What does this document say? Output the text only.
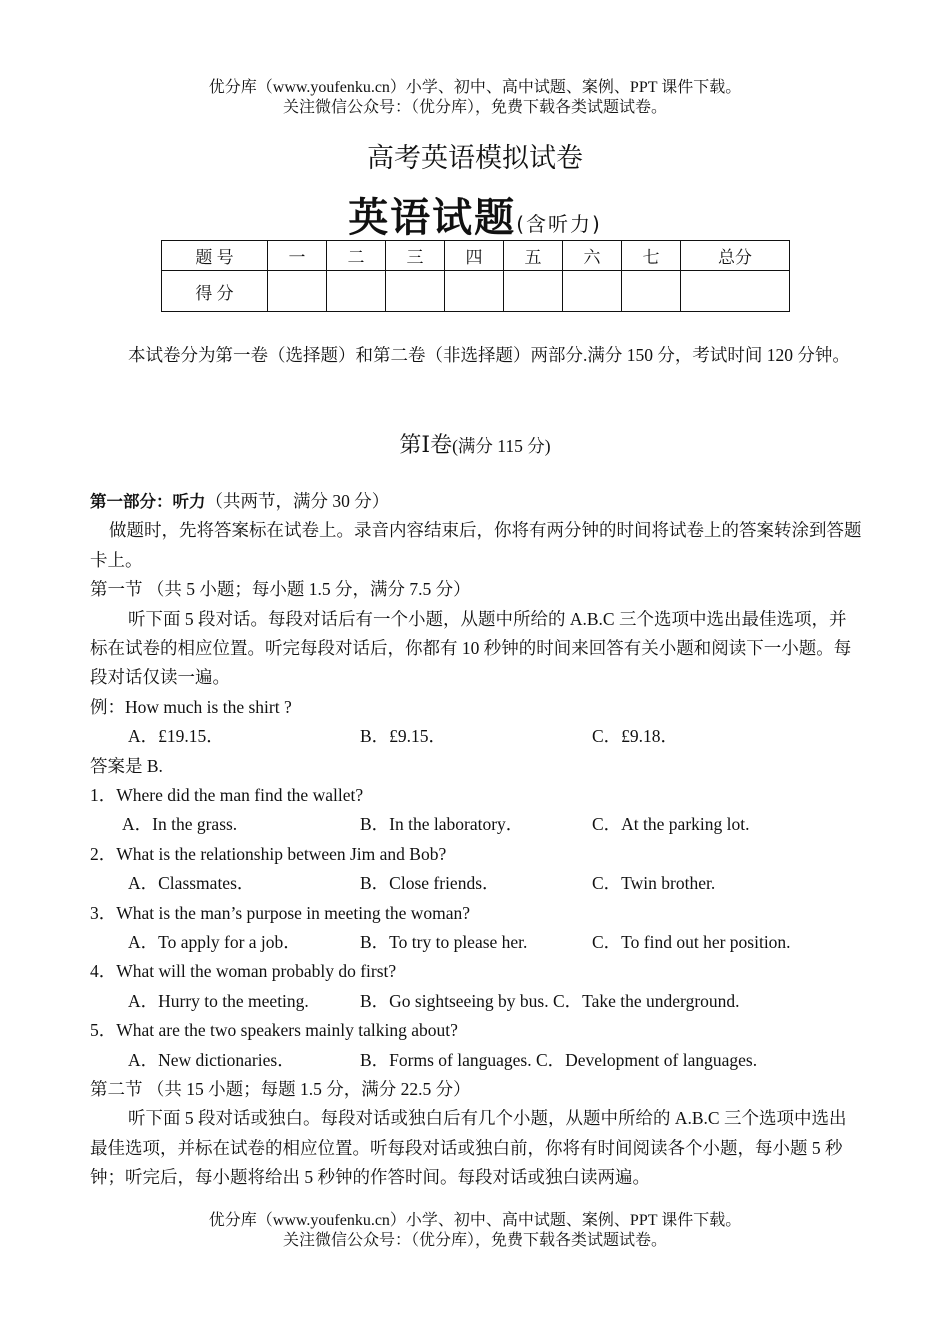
优分库（www.youfenku.cn）小学、初中、高中试题、案例、PPT 课件下载。
关注微信公众号：（优分库），免费下载各类试题试卷。
高考英语模拟试卷
英语试题(含听力)
题 号	一	二	三	四	五	六	七	总分
得 分								

本试卷分为第一卷（选择题）和第二卷（非选择题）两部分.满分 150 分，考试时间 120 分钟。

第Ⅰ卷(满分 115 分)

第一部分：听力（共两节，满分 30 分）

做题时，先将答案标在试卷上。录音内容结束后，你将有两分钟的时间将试卷上的答案转涂到答题卡上。

第一节 （共 5 小题；每小题 1.5 分，满分 7.5 分）

听下面 5 段对话。每段对话后有一个小题，从题中所给的 A.B.C 三个选项中选出最佳选项，并标在试卷的相应位置。听完每段对话后，你都有 10 秒钟的时间来回答有关小题和阅读下一小题。每段对话仅读一遍。

例：How much is the shirt ?

A．£19.15．	B．£9.15．	C．£9.18．

答案是 B.

1．Where did the man find the wallet?

A．In the grass.	B．In the laboratory．	C．At the parking lot.

2．What is the relationship between Jim and Bob?

A．Classmates．	B．Close friends．	C．Twin brother.

3．What is the man’s purpose in meeting the woman?

A．To apply for a job．	B．To try to please her.	C．To find out her position.

4．What will the woman probably do first?

A．Hurry to the meeting.	B．Go sightseeing by bus. C．Take the underground.

5．What are the two speakers mainly talking about?

A．New dictionaries．	B．Forms of languages. C．Development of languages.

第二节 （共 15 小题；每题 1.5 分，满分 22.5 分）

听下面 5 段对话或独白。每段对话或独白后有几个小题，从题中所给的 A.B.C 三个选项中选出最佳选项，并标在试卷的相应位置。听每段对话或独白前，你将有时间阅读各个小题，每小题 5 秒钟；听完后，每小题将给出 5 秒钟的作答时间。每段对话或独白读两遍。

优分库（www.youfenku.cn）小学、初中、高中试题、案例、PPT 课件下载。
关注微信公众号：（优分库），免费下载各类试题试卷。
